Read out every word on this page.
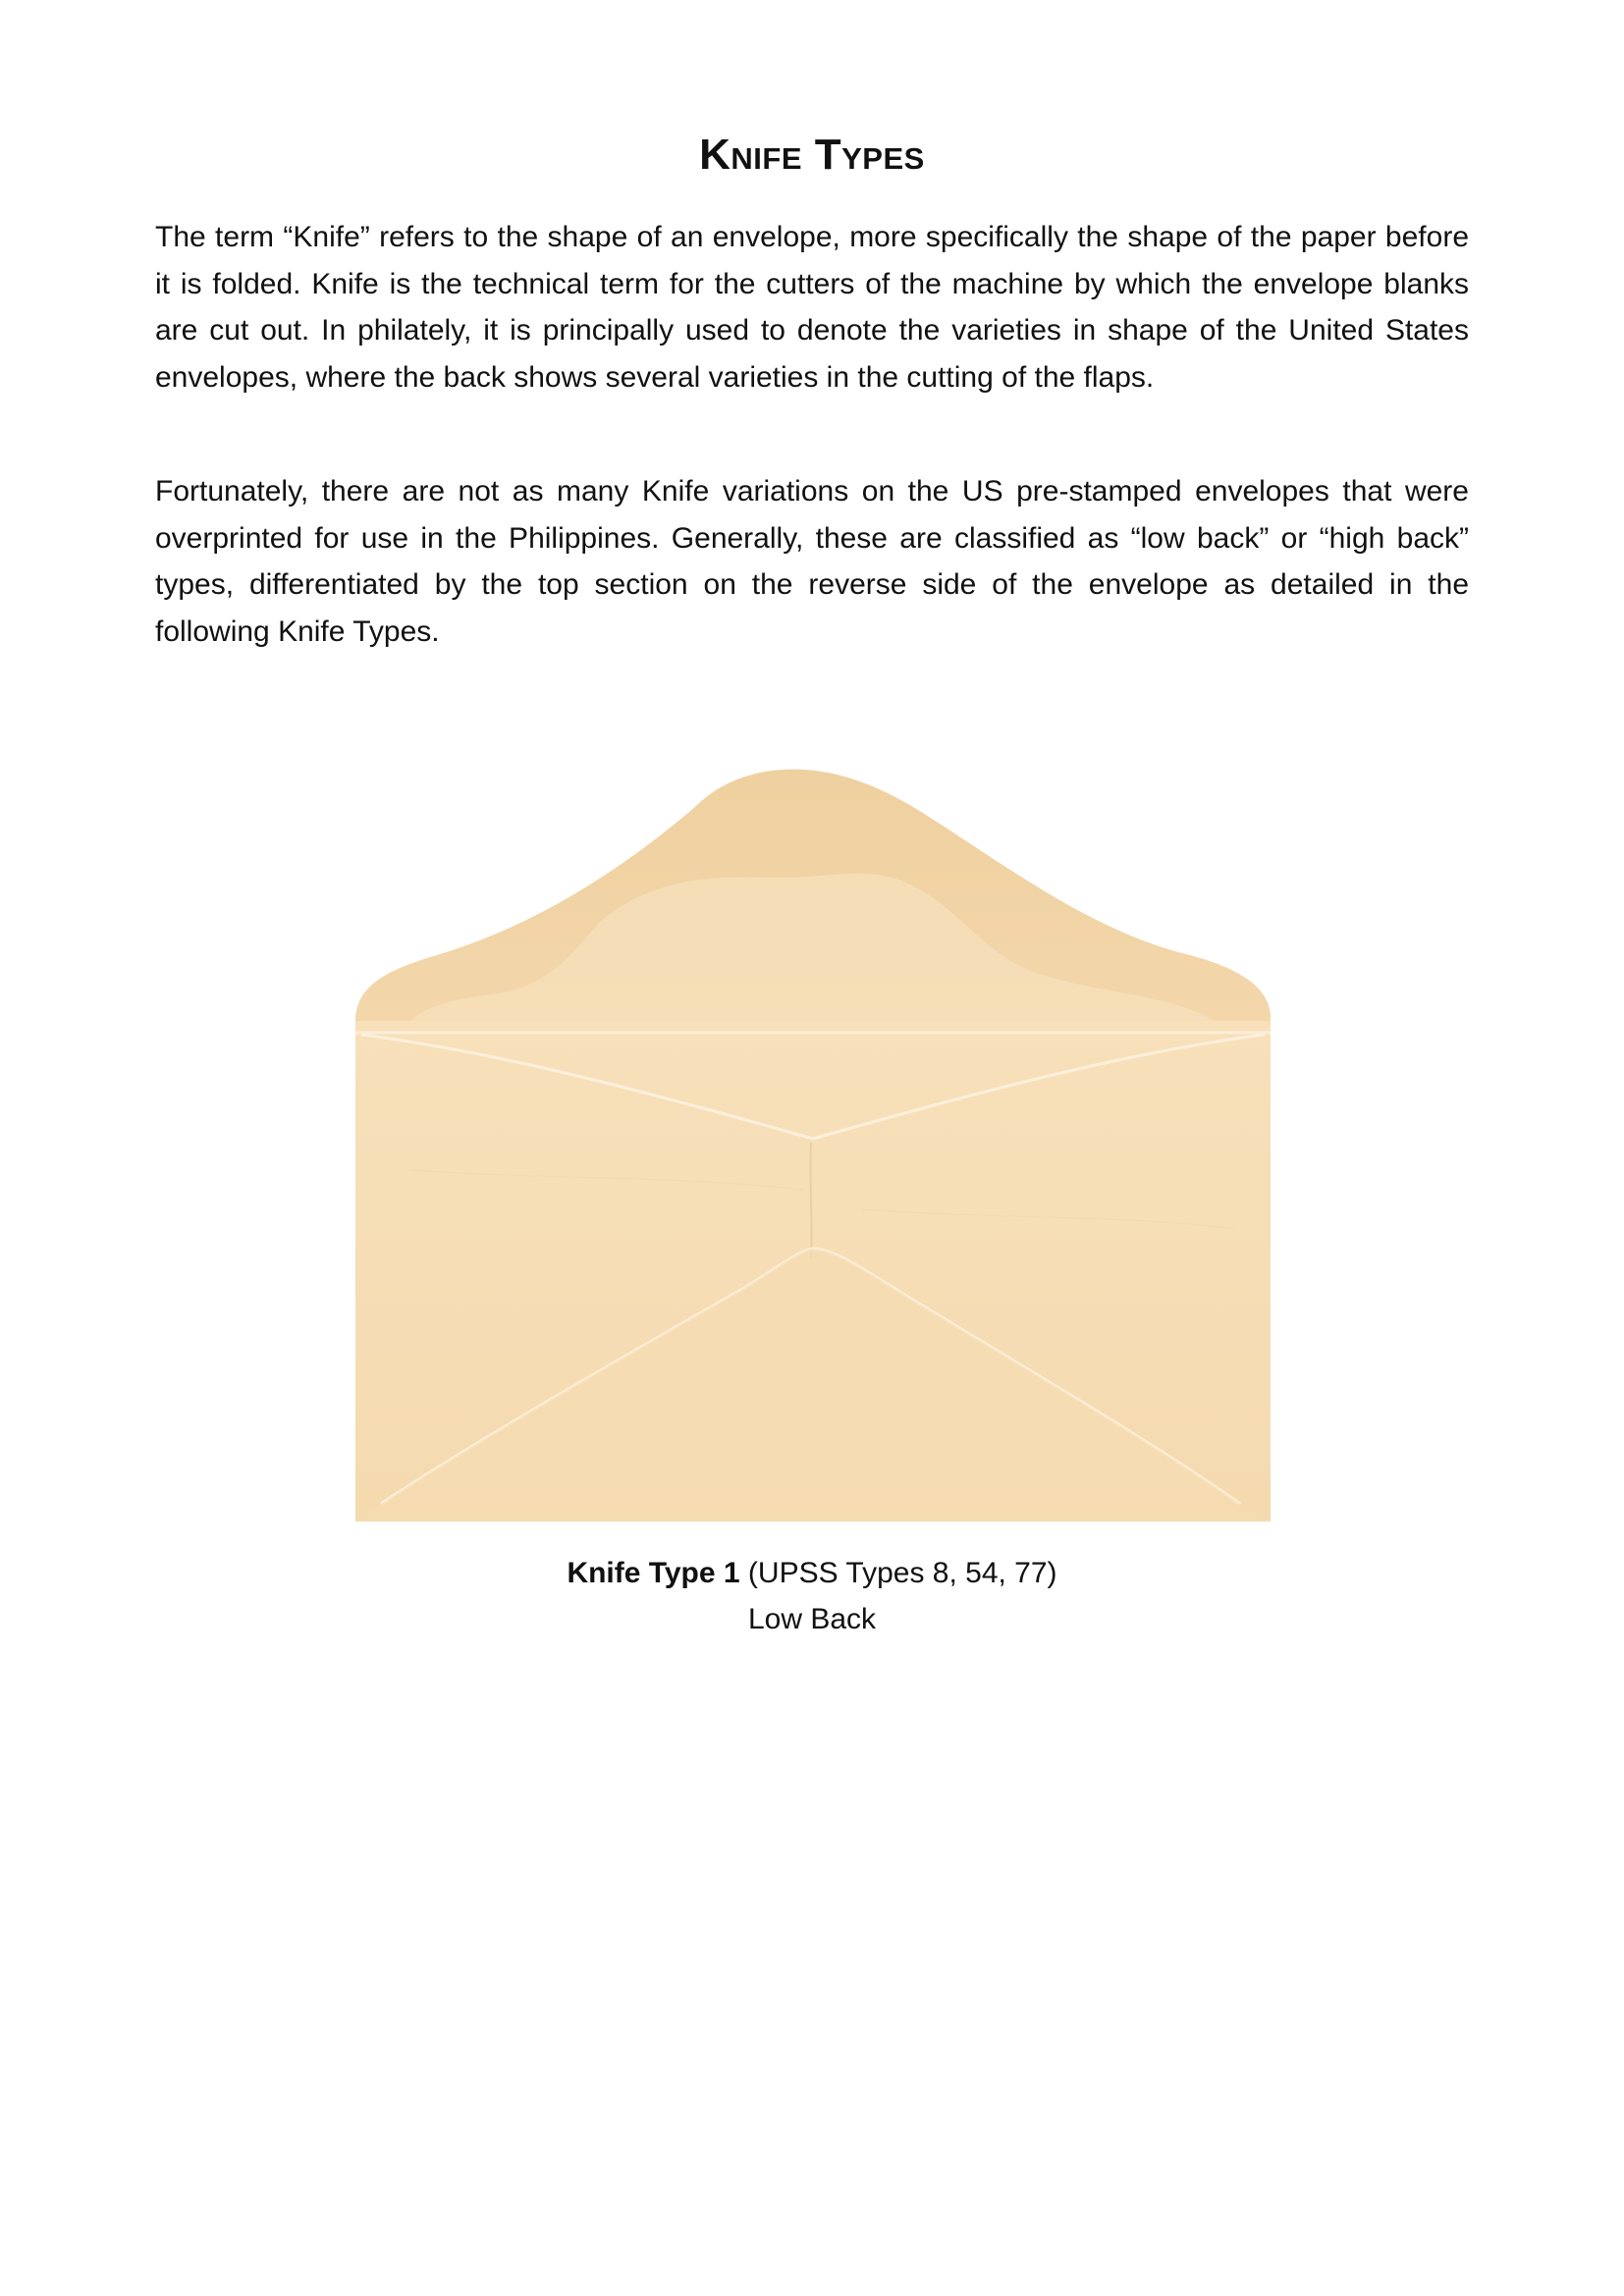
Knife Types

The term “Knife” refers to the shape of an envelope, more specifically the shape of the paper before it is folded. Knife is the technical term for the cutters of the machine by which the envelope blanks are cut out. In philately, it is principally used to denote the varieties in shape of the United States envelopes, where the back shows several varieties in the cutting of the flaps.

Fortunately, there are not as many Knife variations on the US pre-stamped envelopes that were overprinted for use in the Philippines. Generally, these are classified as “low back” or “high back” types, differentiated by the top section on the reverse side of the envelope as detailed in the following Knife Types.

Knife Type 1 (UPSS Types 8, 54, 77)
Low Back
